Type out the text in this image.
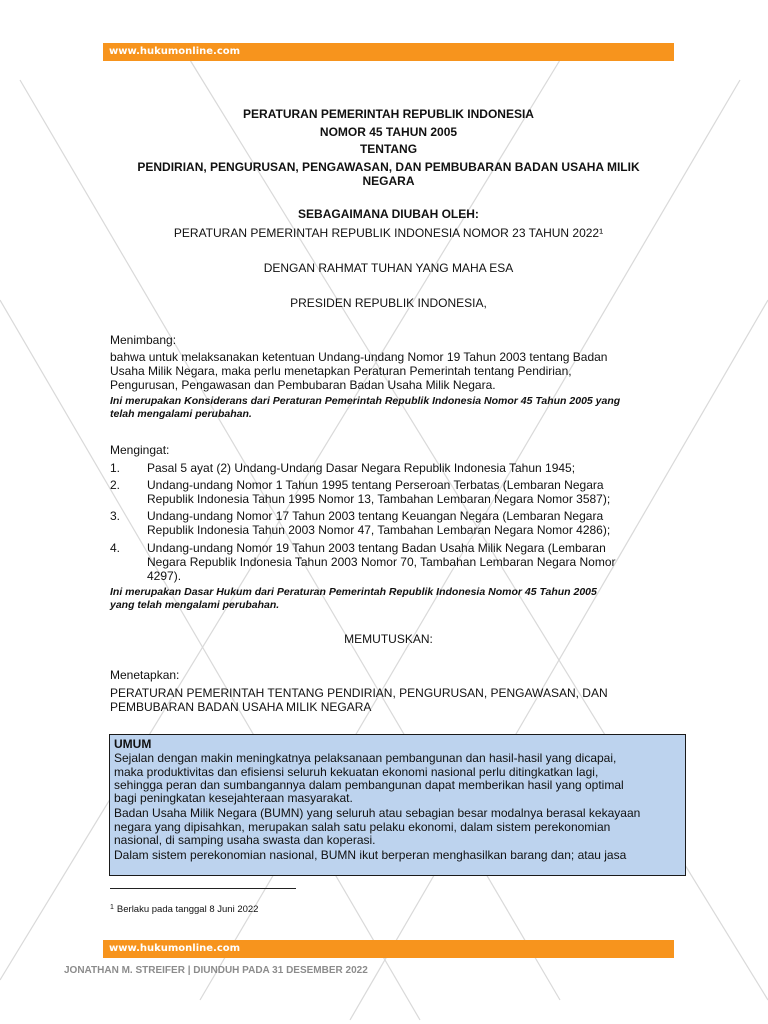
www.hukumonline.com
PERATURAN PEMERINTAH REPUBLIK INDONESIA
NOMOR 45 TAHUN 2005
TENTANG
PENDIRIAN, PENGURUSAN, PENGAWASAN, DAN PEMBUBARAN BADAN USAHA MILIK
NEGARA
SEBAGAIMANA DIUBAH OLEH:
PERATURAN PEMERINTAH REPUBLIK INDONESIA NOMOR 23 TAHUN 2022¹
DENGAN RAHMAT TUHAN YANG MAHA ESA
PRESIDEN REPUBLIK INDONESIA,
Menimbang:
bahwa untuk melaksanakan ketentuan Undang-undang Nomor 19 Tahun 2003 tentang Badan
Usaha Milik Negara, maka perlu menetapkan Peraturan Pemerintah tentang Pendirian,
Pengurusan, Pengawasan dan Pembubaran Badan Usaha Milik Negara.
Ini merupakan Konsiderans dari Peraturan Pemerintah Republik Indonesia Nomor 45 Tahun 2005 yang
telah mengalami perubahan.
Mengingat:
1. Pasal 5 ayat (2) Undang-Undang Dasar Negara Republik Indonesia Tahun 1945;
2. Undang-undang Nomor 1 Tahun 1995 tentang Perseroan Terbatas (Lembaran Negara
Republik Indonesia Tahun 1995 Nomor 13, Tambahan Lembaran Negara Nomor 3587);
3. Undang-undang Nomor 17 Tahun 2003 tentang Keuangan Negara (Lembaran Negara
Republik Indonesia Tahun 2003 Nomor 47, Tambahan Lembaran Negara Nomor 4286);
4. Undang-undang Nomor 19 Tahun 2003 tentang Badan Usaha Milik Negara (Lembaran
Negara Republik Indonesia Tahun 2003 Nomor 70, Tambahan Lembaran Negara Nomor
4297).
Ini merupakan Dasar Hukum dari Peraturan Pemerintah Republik Indonesia Nomor 45 Tahun 2005
yang telah mengalami perubahan.
MEMUTUSKAN:
Menetapkan:
PERATURAN PEMERINTAH TENTANG PENDIRIAN, PENGURUSAN, PENGAWASAN, DAN
PEMBUBARAN BADAN USAHA MILIK NEGARA

UMUM

Sejalan dengan makin meningkatnya pelaksanaan pembangunan dan hasil-hasil yang dicapai,

maka produktivitas dan efisiensi seluruh kekuatan ekonomi nasional perlu ditingkatkan lagi,

sehingga peran dan sumbangannya dalam pembangunan dapat memberikan hasil yang optimal

bagi peningkatan kesejahteraan masyarakat.

Badan Usaha Milik Negara (BUMN) yang seluruh atau sebagian besar modalnya berasal kekayaan

negara yang dipisahkan, merupakan salah satu pelaku ekonomi, dalam sistem perekonomian

nasional, di samping usaha swasta dan koperasi.

Dalam sistem perekonomian nasional, BUMN ikut berperan menghasilkan barang dan; atau jasa

$^1$ Berlaku pada tanggal 8 Juni 2022
www.hukumonline.com
JONATHAN M. STREIFER | DIUNDUH PADA 31 DESEMBER 2022
